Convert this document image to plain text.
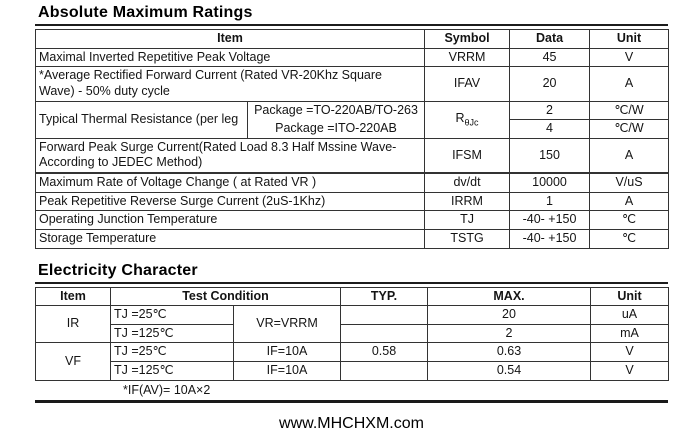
Absolute Maximum Ratings
Item		Symbol	Data	Unit
Maximal Inverted Repetitive Peak Voltage		VRRM	45	V
*Average Rectified Forward Current (Rated VR-20Khz Square Wave) - 50% duty cycle		IFAV	20	A
Typical Thermal Resistance (per leg	Package =TO-220AB/TO-263	$R_{\theta Jc}$	2	℃/W
	Package =ITO-220AB		4	℃/W
Forward Peak Surge Current(Rated Load 8.3 Half Mssine Wave-According to JEDEC Method)		IFSM	150	A
Maximum Rate of Voltage Change ( at Rated VR )		dv/dt	10000	V/uS
Peak Repetitive Reverse Surge Current (2uS-1Khz)		IRRM	1	A
Operating Junction Temperature		TJ	-40- +150	℃
Storage Temperature		TSTG	-40- +150	℃
Electricity Character
Item	Test Condition		TYP.	MAX.	Unit
IR	TJ =25℃	VR=VRRM		20	uA
	TJ =125℃			2	mA
VF	TJ =25℃	IF=10A	0.58	0.63	V
	TJ =125℃	IF=10A		0.54	V
*IF(AV)= 10A×2
www.MHCHXM.com
